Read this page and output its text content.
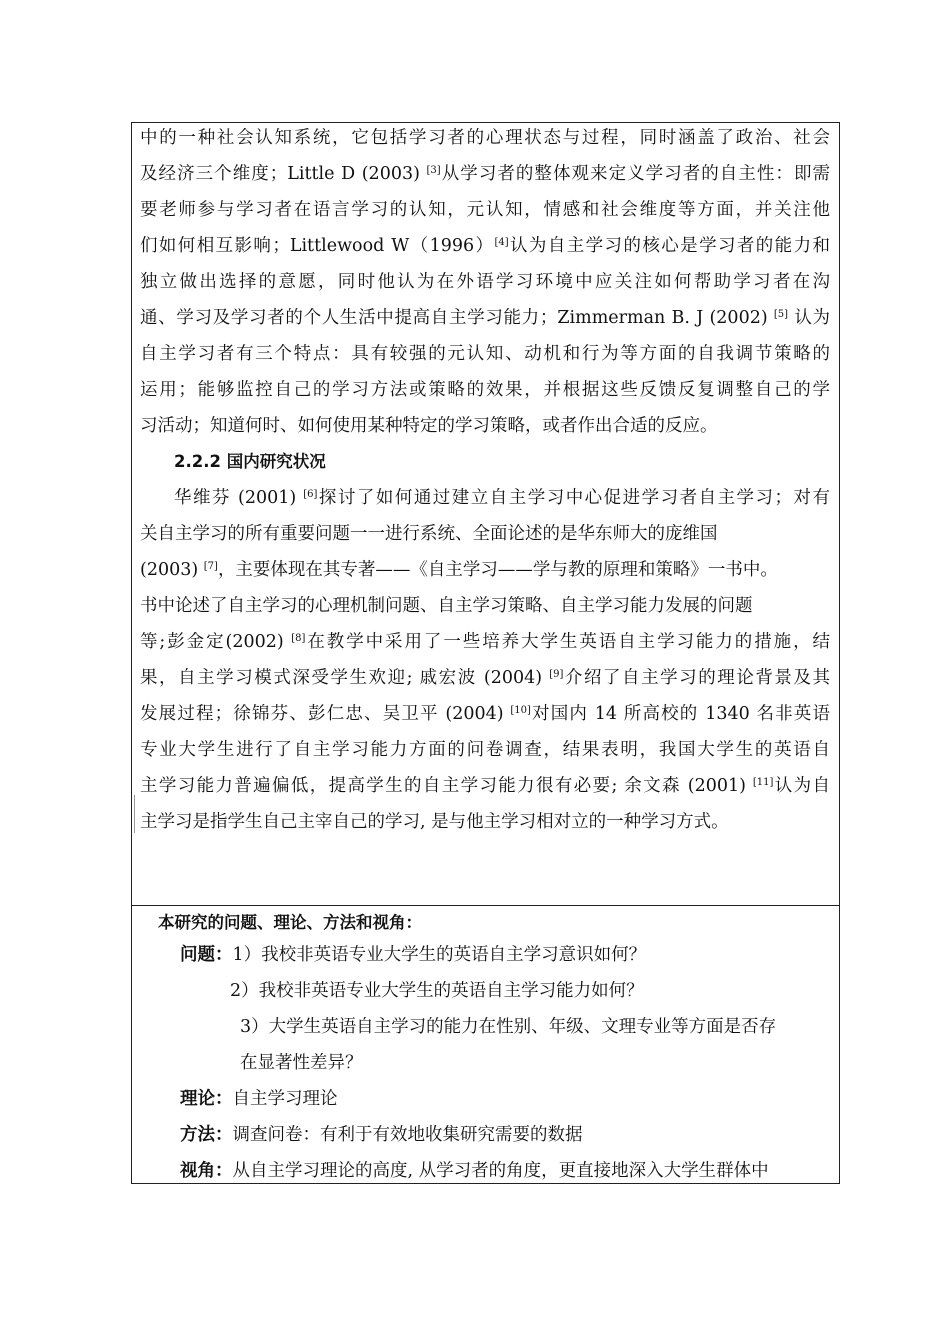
中的一种社会认知系统，它包括学习者的心理状态与过程，同时涵盖了政治、社会
及经济三个维度；Little D (2003) [3]从学习者的整体观来定义学习者的自主性：即需
要老师参与学习者在语言学习的认知，元认知，情感和社会维度等方面，并关注他
们如何相互影响；Littlewood W（1996）[4]认为自主学习的核心是学习者的能力和
独立做出选择的意愿，同时他认为在外语学习环境中应关注如何帮助学习者在沟
通、学习及学习者的个人生活中提高自主学习能力；Zimmerman B. J (2002) [5] 认为
自主学习者有三个特点：具有较强的元认知、动机和行为等方面的自我调节策略的
运用；能够监控自己的学习方法或策略的效果，并根据这些反馈反复调整自己的学
习活动；知道何时、如何使用某种特定的学习策略，或者作出合适的反应。
2.2.2 国内研究状况
华维芬 (2001) [6]探讨了如何通过建立自主学习中心促进学习者自主学习；对有
关自主学习的所有重要问题一一进行系统、全面论述的是华东师大的庞维国
(2003) [7]，主要体现在其专著——《自主学习——学与教的原理和策略》一书中。
书中论述了自主学习的心理机制问题、自主学习策略、自主学习能力发展的问题
等;彭金定(2002) [8]在教学中采用了一些培养大学生英语自主学习能力的措施，结
果，自主学习模式深受学生欢迎; 戚宏波 (2004) [9]介绍了自主学习的理论背景及其
发展过程；徐锦芬、彭仁忠、吴卫平 (2004) [10]对国内 14 所高校的 1340 名非英语
专业大学生进行了自主学习能力方面的问卷调查，结果表明，我国大学生的英语自
主学习能力普遍偏低，提高学生的自主学习能力很有必要; 余文森 (2001) [11]认为自
主学习是指学生自己主宰自己的学习, 是与他主学习相对立的一种学习方式。
本研究的问题、理论、方法和视角：
问题：1）我校非英语专业大学生的英语自主学习意识如何？
2）我校非英语专业大学生的英语自主学习能力如何？
3）大学生英语自主学习的能力在性别、年级、文理专业等方面是否存
在显著性差异？
理论：自主学习理论
方法：调查问卷：有利于有效地收集研究需要的数据
视角：从自主学习理论的高度, 从学习者的角度，更直接地深入大学生群体中
